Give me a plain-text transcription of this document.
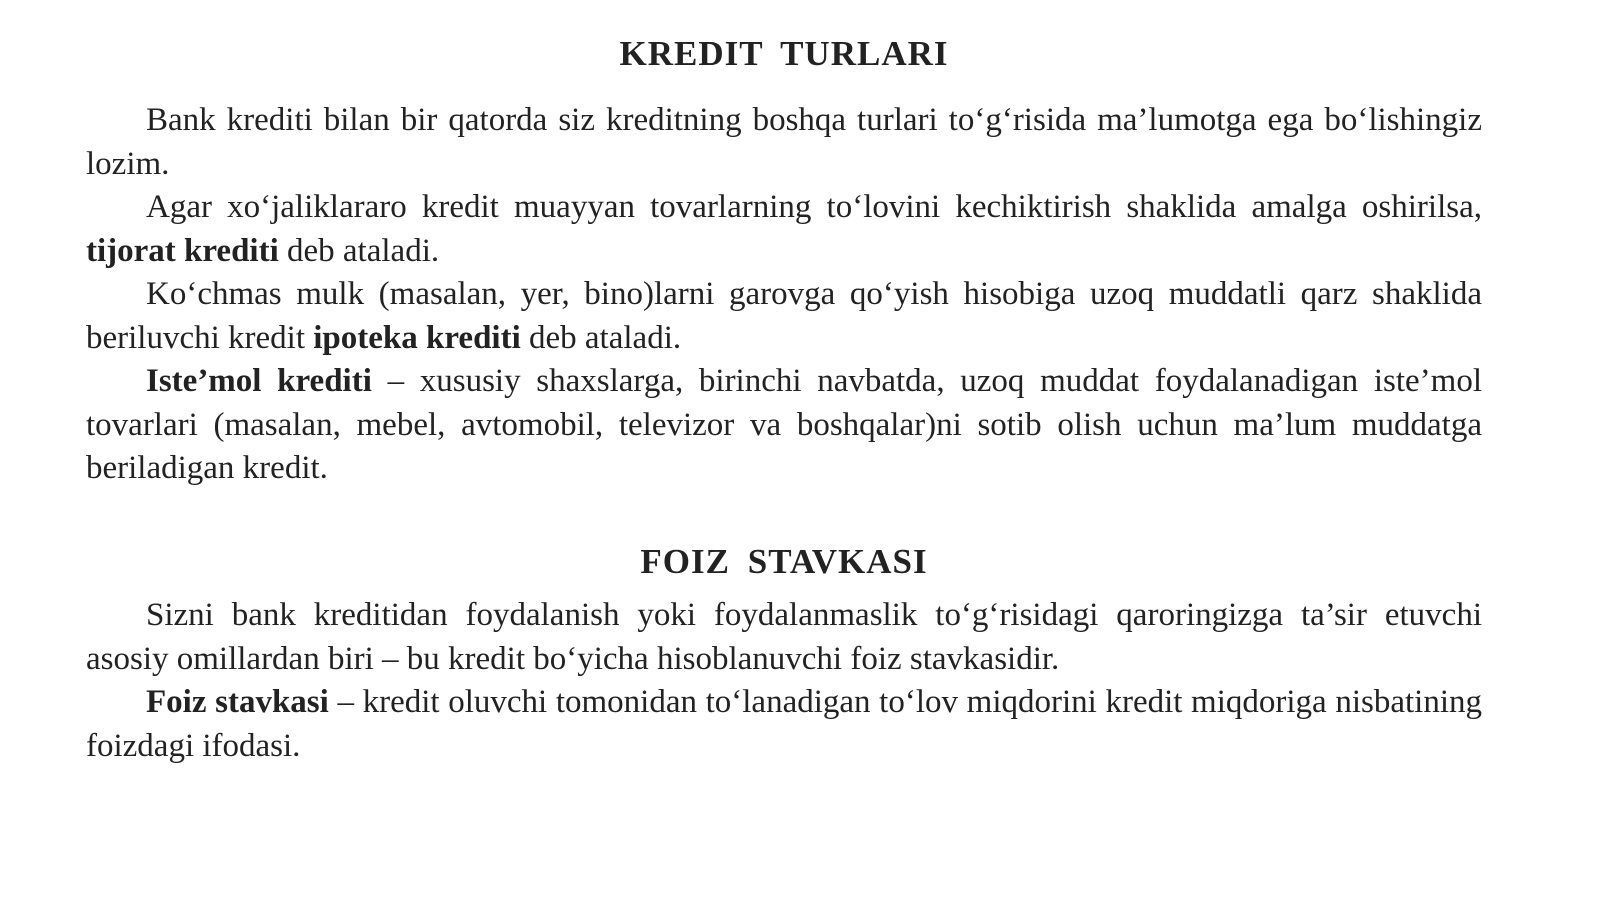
KREDIT TURLARI

Bank krediti bilan bir qatorda siz kreditning boshqa turlari to‘g‘risida ma’lumotga ega bo‘lishingiz lozim.

Agar xo‘jaliklararo kredit muayyan tovarlarning to‘lovini kechiktirish shaklida amalga oshirilsa, tijorat krediti deb ataladi.

Ko‘chmas mulk (masalan, yer, bino)larni garovga qo‘yish hisobiga uzoq muddatli qarz shaklida beriluvchi kredit ipoteka krediti deb ataladi.

Iste’mol krediti – xususiy shaxslarga, birinchi navbatda, uzoq muddat foydalanadigan iste’mol tovarlari (masalan, mebel, avtomobil, televizor va boshqalar)ni sotib olish uchun ma’lum muddatga beriladigan kredit.

FOIZ STAVKASI

Sizni bank kreditidan foydalanish yoki foydalanmaslik to‘g‘risidagi qaroringizga ta’sir etuvchi asosiy omillardan biri – bu kredit bo‘yicha hisoblanuvchi foiz stavkasidir.

Foiz stavkasi – kredit oluvchi tomonidan to‘lanadigan to‘lov miqdorini kredit miqdoriga nisbatining foizdagi ifodasi.
